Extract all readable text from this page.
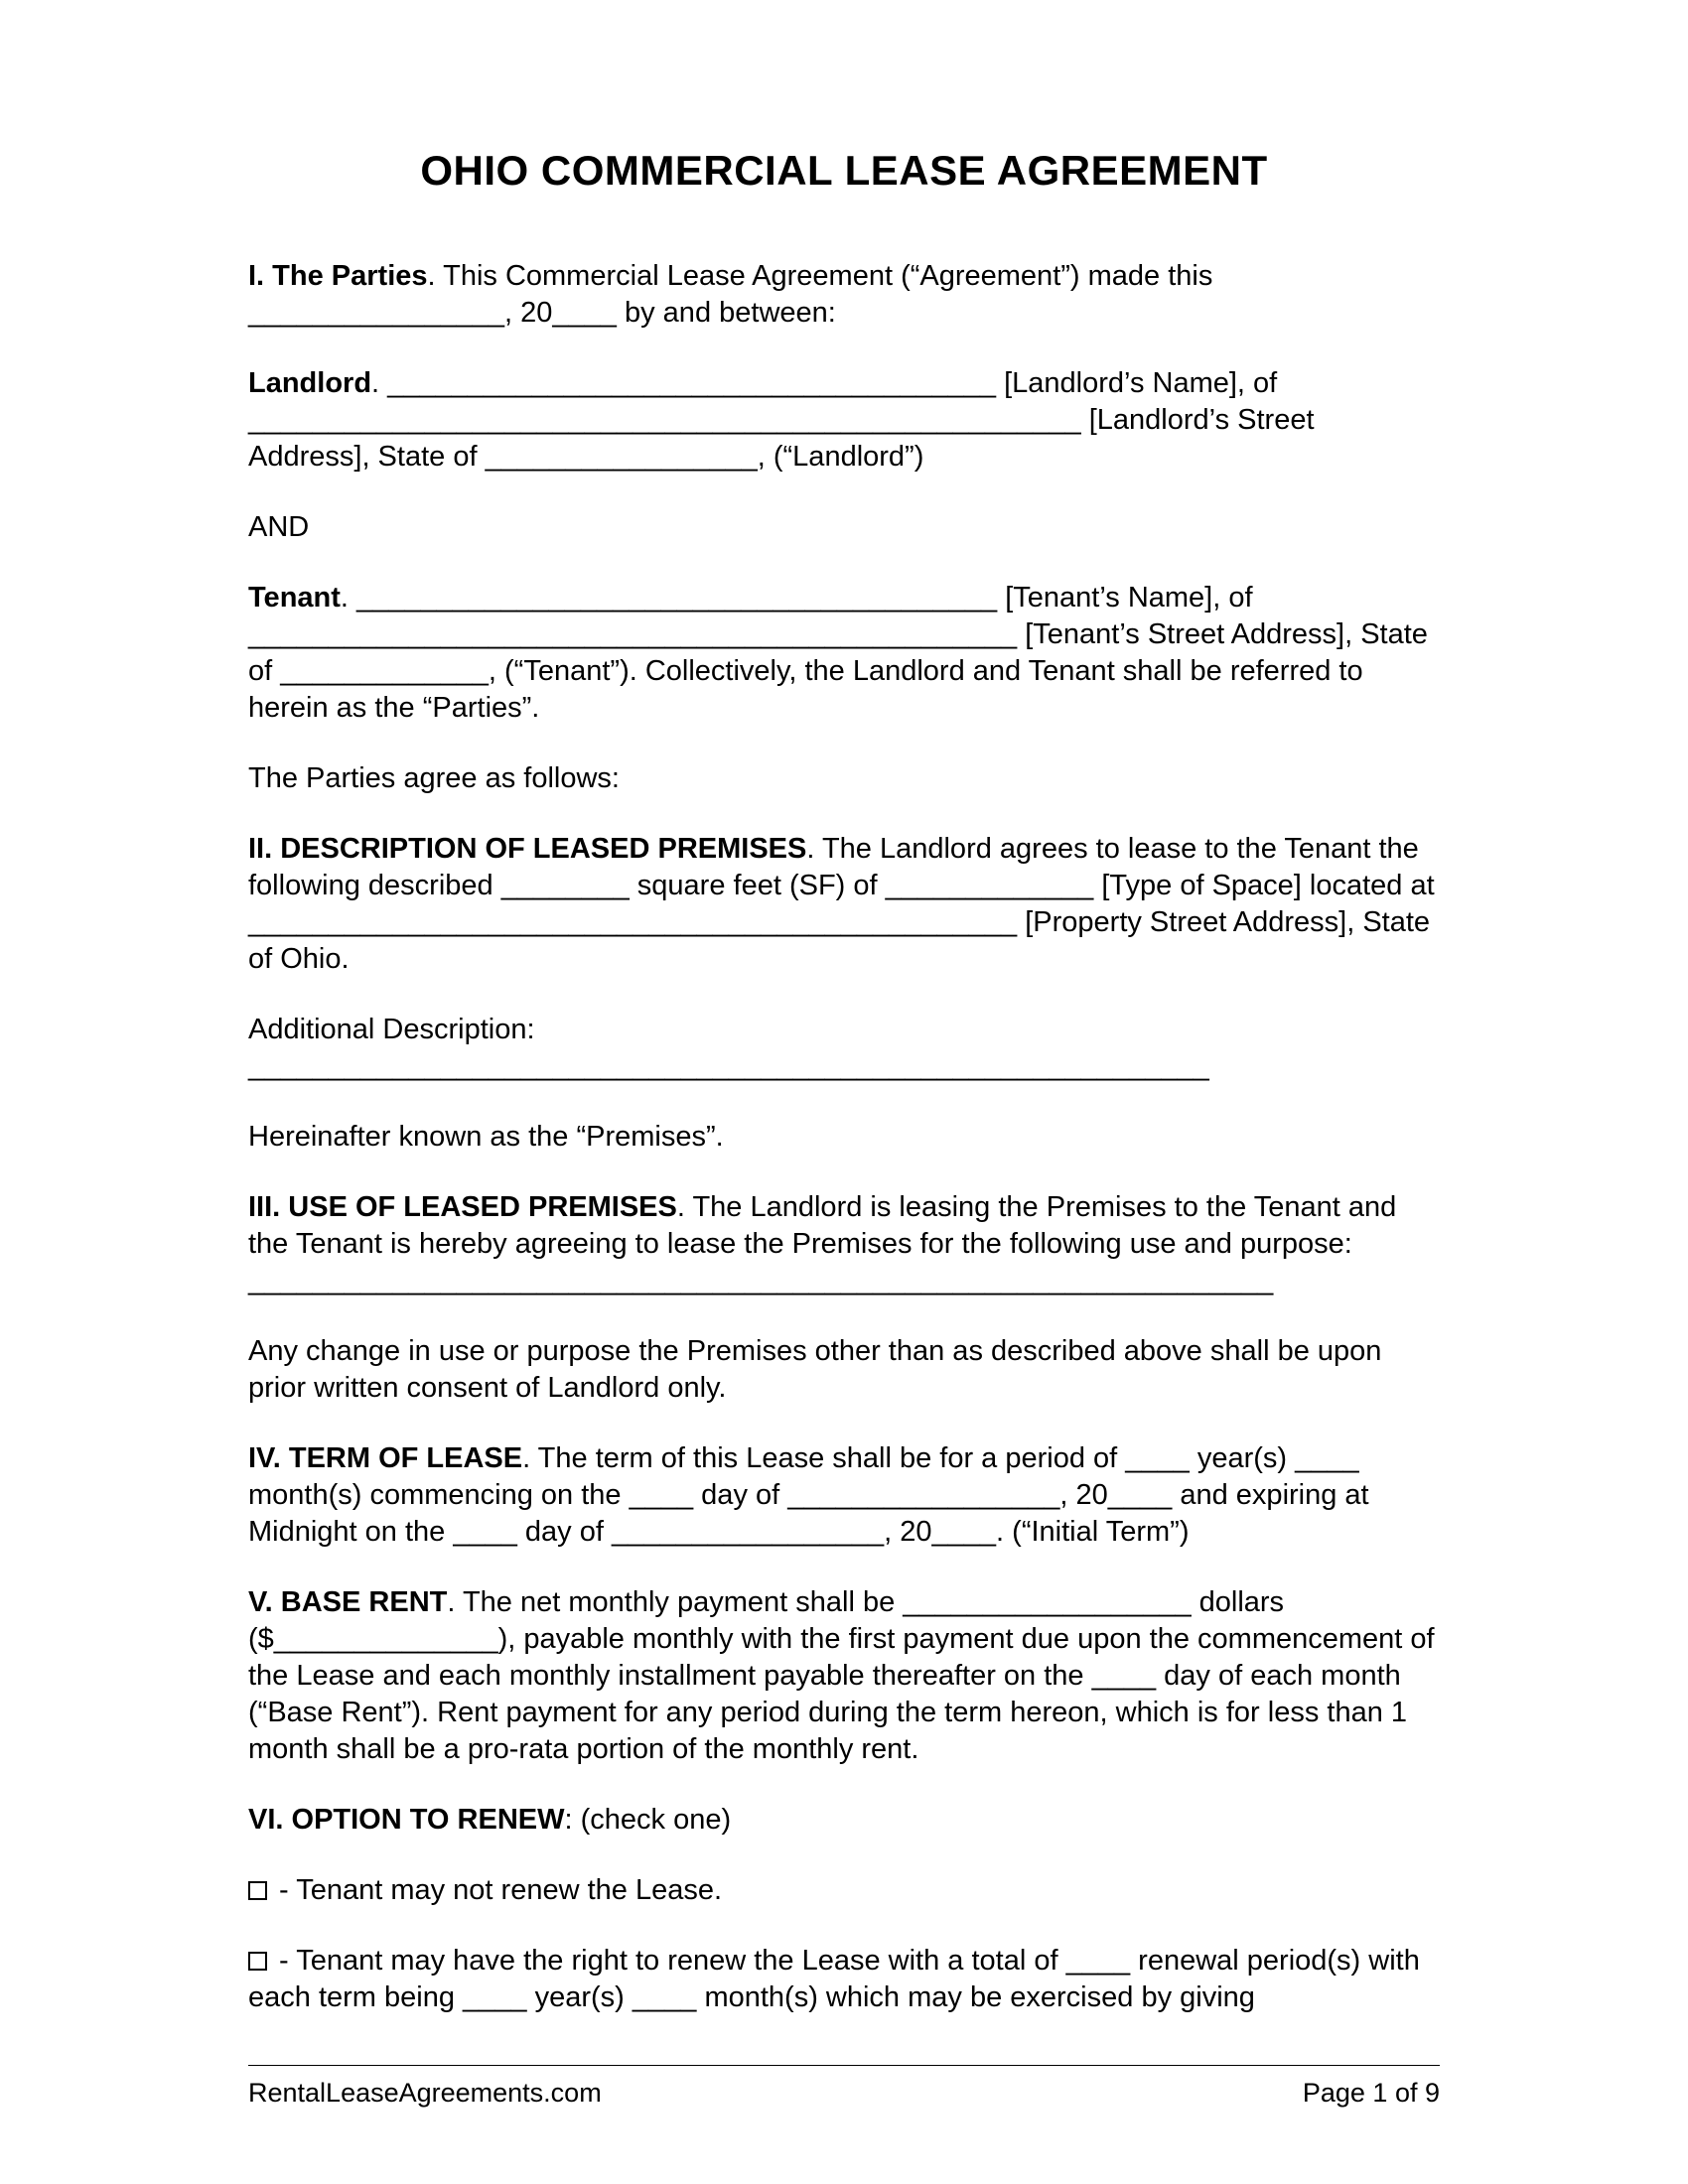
OHIO COMMERCIAL LEASE AGREEMENT

I. The Parties. This Commercial Lease Agreement (“Agreement”) made this ________________, 20____ by and between:

Landlord. ______________________________________ [Landlord’s Name], of ____________________________________________________ [Landlord’s Street Address], State of _________________, (“Landlord”)

AND

Tenant. ________________________________________ [Tenant’s Name], of ________________________________________________ [Tenant’s Street Address], State of _____________, (“Tenant”). Collectively, the Landlord and Tenant shall be referred to herein as the “Parties”.

The Parties agree as follows:

II. DESCRIPTION OF LEASED PREMISES. The Landlord agrees to lease to the Tenant the following described ________ square feet (SF) of _____________ [Type of Space] located at ________________________________________________ [Property Street Address], State of Ohio.

Additional Description: ____________________________________________________________

Hereinafter known as the “Premises”.

III. USE OF LEASED PREMISES. The Landlord is leasing the Premises to the Tenant and the Tenant is hereby agreeing to lease the Premises for the following use and purpose: ________________________________________________________________

Any change in use or purpose the Premises other than as described above shall be upon prior written consent of Landlord only.

IV. TERM OF LEASE. The term of this Lease shall be for a period of ____ year(s) ____ month(s) commencing on the ____ day of _________________, 20____ and expiring at Midnight on the ____ day of _________________, 20____. (“Initial Term”)

V. BASE RENT. The net monthly payment shall be __________________ dollars ($______________), payable monthly with the first payment due upon the commencement of the Lease and each monthly installment payable thereafter on the ____ day of each month (“Base Rent”). Rent payment for any period during the term hereon, which is for less than 1 month shall be a pro-rata portion of the monthly rent.

VI. OPTION TO RENEW: (check one)

- Tenant may not renew the Lease.

- Tenant may have the right to renew the Lease with a total of ____ renewal period(s) with each term being ____ year(s) ____ month(s) which may be exercised by giving

RentalLeaseAgreements.com	Page 1 of 9
